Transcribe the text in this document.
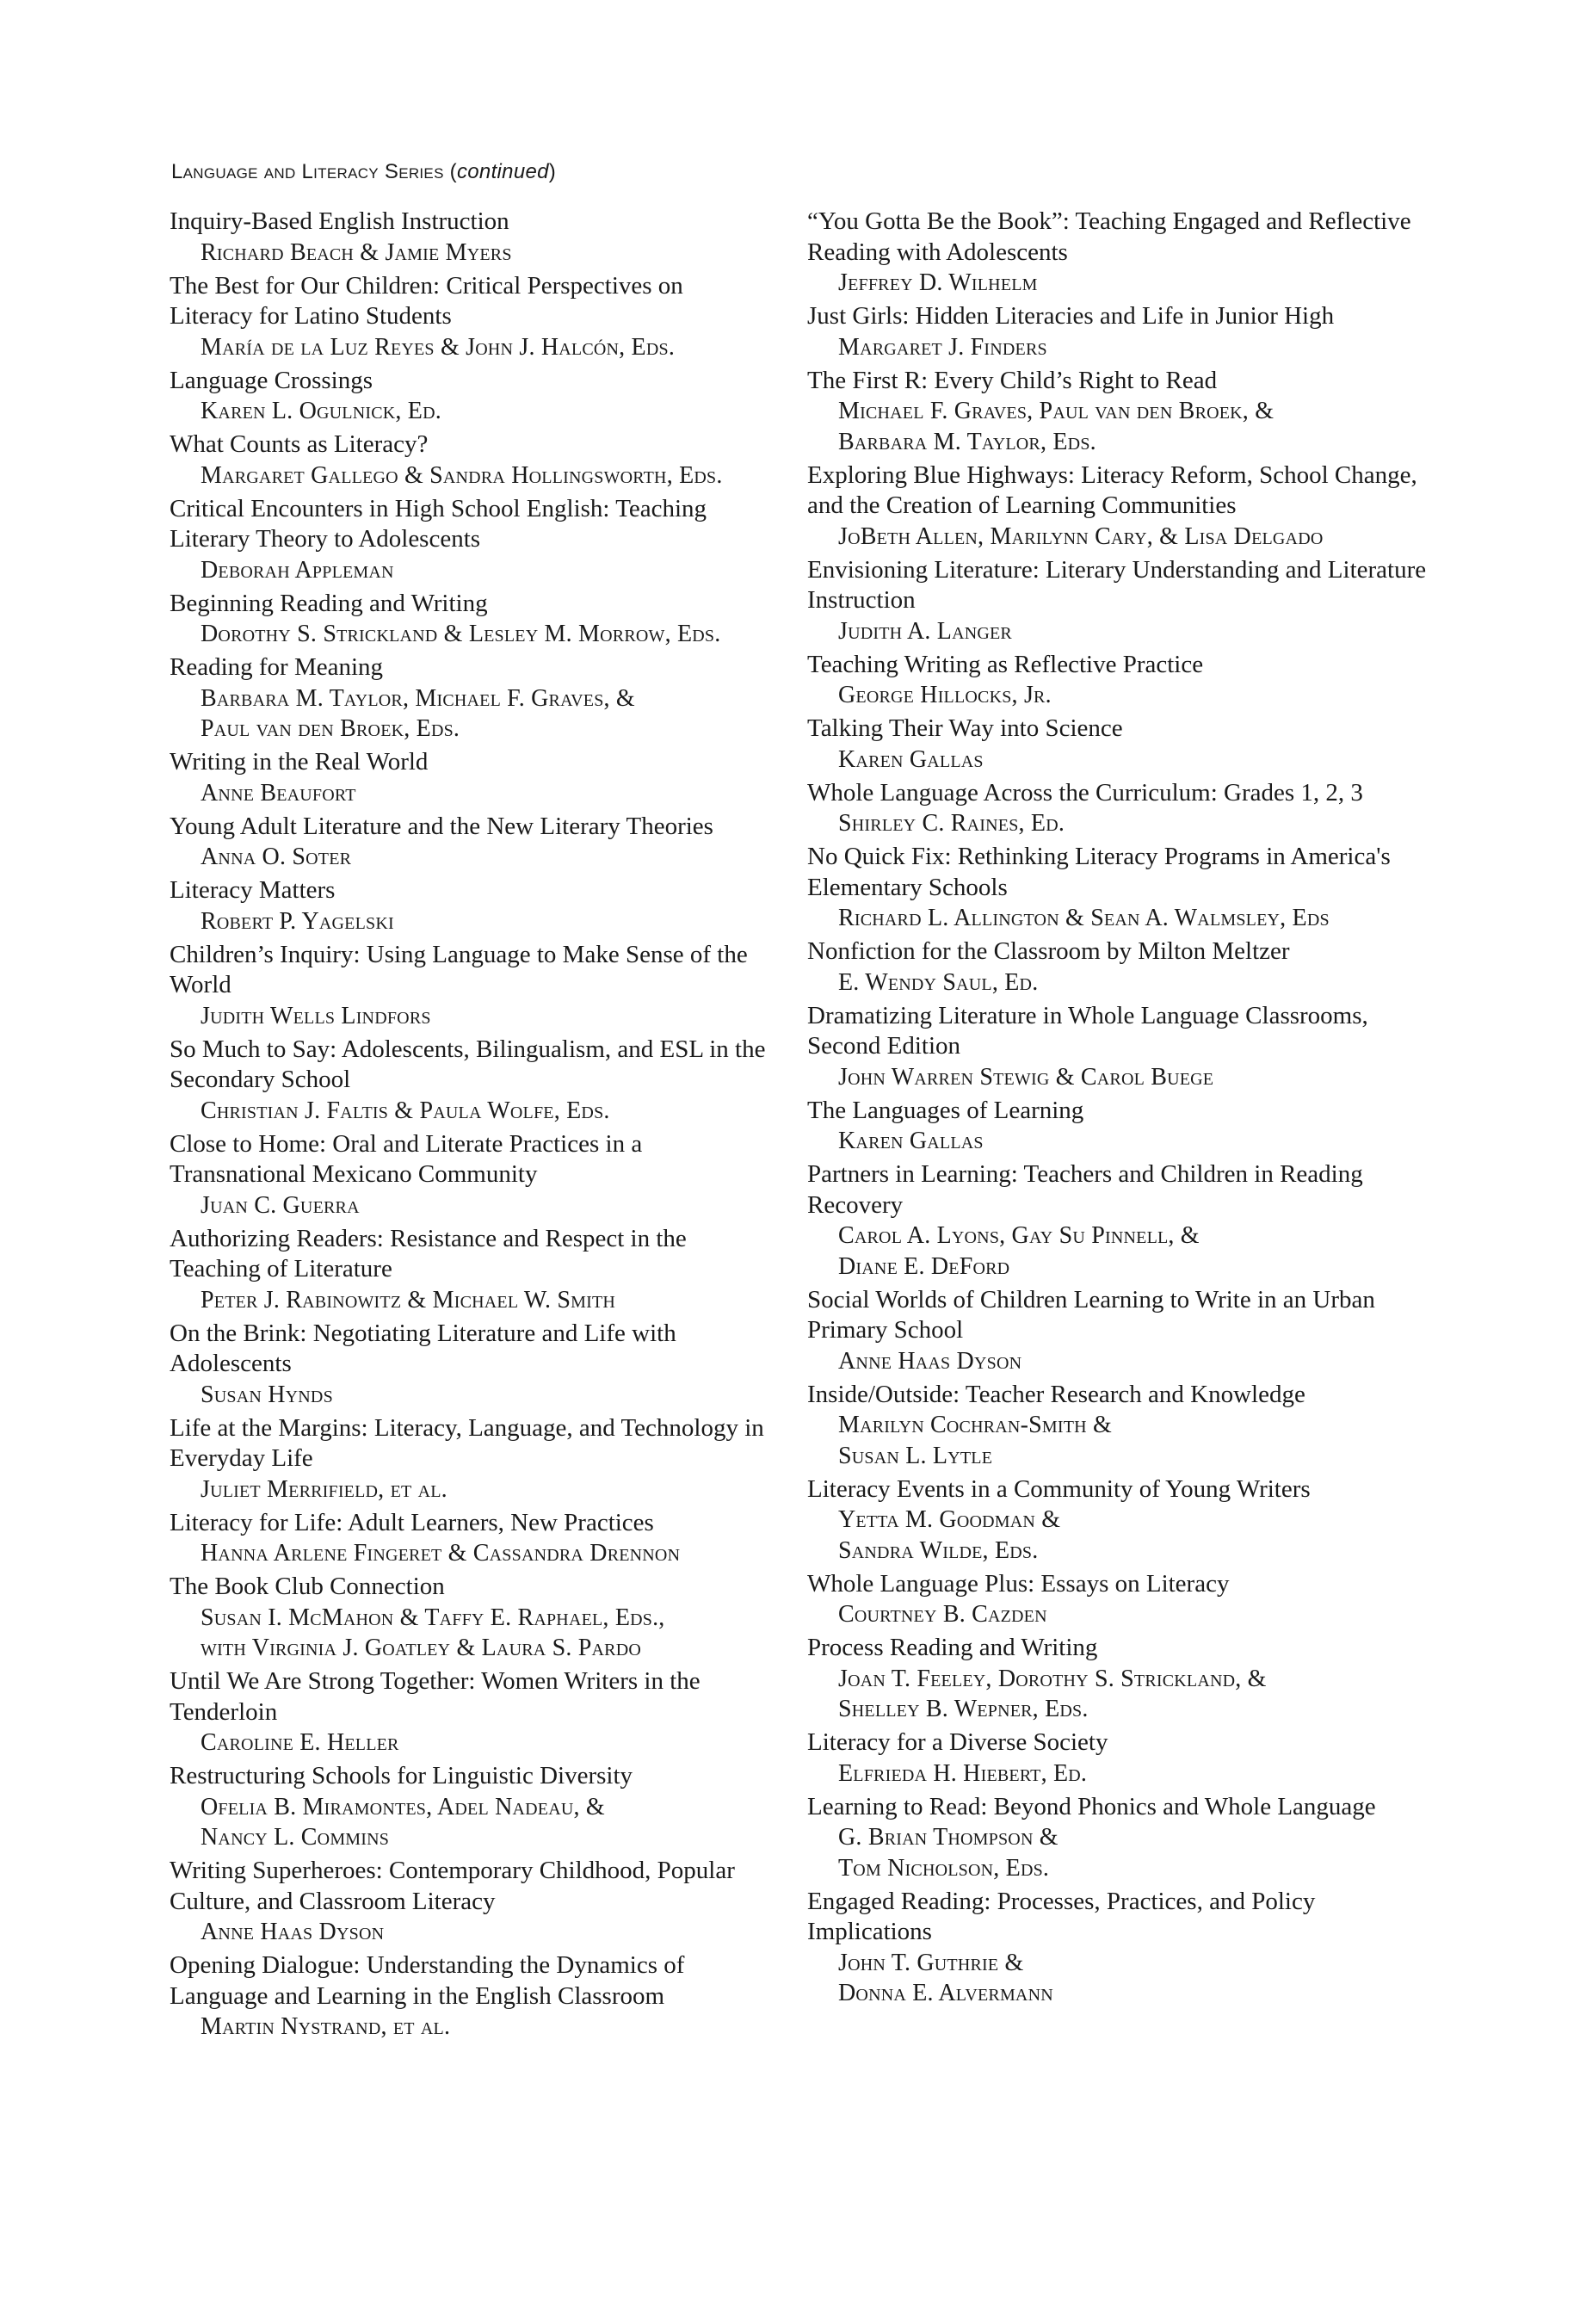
Language and Literacy Series (continued)
Inquiry-Based English Instruction
Richard Beach & Jamie Myers
The Best for Our Children: Critical Perspectives on Literacy for Latino Students
María de la Luz Reyes & John J. Halcón, Eds.
Language Crossings
Karen L. Ogulnick, Ed.
What Counts as Literacy?
Margaret Gallego & Sandra Hollingsworth, Eds.
Critical Encounters in High School English: Teaching Literary Theory to Adolescents
Deborah Appleman
Beginning Reading and Writing
Dorothy S. Strickland & Lesley M. Morrow, Eds.
Reading for Meaning
Barbara M. Taylor, Michael F. Graves, &
Paul van den Broek, Eds.
Writing in the Real World
Anne Beaufort
Young Adult Literature and the New Literary Theories
Anna O. Soter
Literacy Matters
Robert P. Yagelski
Children’s Inquiry: Using Language to Make Sense of the World
Judith Wells Lindfors
So Much to Say: Adolescents, Bilingualism, and ESL in the Secondary School
Christian J. Faltis & Paula Wolfe, Eds.
Close to Home: Oral and Literate Practices in a Transnational Mexicano Community
Juan C. Guerra
Authorizing Readers: Resistance and Respect in the Teaching of Literature
Peter J. Rabinowitz & Michael W. Smith
On the Brink: Negotiating Literature and Life with Adolescents
Susan Hynds
Life at the Margins: Literacy, Language, and Technology in Everyday Life
Juliet Merrifield, et al.
Literacy for Life: Adult Learners, New Practices
Hanna Arlene Fingeret & Cassandra Drennon
The Book Club Connection
Susan I. McMahon & Taffy E. Raphael, Eds.,
with Virginia J. Goatley & Laura S. Pardo
Until We Are Strong Together: Women Writers in the Tenderloin
Caroline E. Heller
Restructuring Schools for Linguistic Diversity
Ofelia B. Miramontes, Adel Nadeau, &
Nancy L. Commins
Writing Superheroes: Contemporary Childhood, Popular Culture, and Classroom Literacy
Anne Haas Dyson
Opening Dialogue: Understanding the Dynamics of Language and Learning in the English Classroom
Martin Nystrand, et al.
“You Gotta Be the Book”: Teaching Engaged and Reflective Reading with Adolescents
Jeffrey D. Wilhelm
Just Girls: Hidden Literacies and Life in Junior High
Margaret J. Finders
The First R: Every Child’s Right to Read
Michael F. Graves, Paul van den Broek, &
Barbara M. Taylor, Eds.
Exploring Blue Highways: Literacy Reform, School Change, and the Creation of Learning Communities
JoBeth Allen, Marilynn Cary, & Lisa Delgado
Envisioning Literature: Literary Understanding and Literature Instruction
Judith A. Langer
Teaching Writing as Reflective Practice
George Hillocks, Jr.
Talking Their Way into Science
Karen Gallas
Whole Language Across the Curriculum: Grades 1, 2, 3
Shirley C. Raines, Ed.
No Quick Fix: Rethinking Literacy Programs in America's Elementary Schools
Richard L. Allington & Sean A. Walmsley, Eds
Nonfiction for the Classroom by Milton Meltzer
E. Wendy Saul, Ed.
Dramatizing Literature in Whole Language Classrooms, Second Edition
John Warren Stewig & Carol Buege
The Languages of Learning
Karen Gallas
Partners in Learning: Teachers and Children in Reading Recovery
Carol A. Lyons, Gay Su Pinnell, &
Diane E. DeFord
Social Worlds of Children Learning to Write in an Urban Primary School
Anne Haas Dyson
Inside/Outside: Teacher Research and Knowledge
Marilyn Cochran-Smith &
Susan L. Lytle
Literacy Events in a Community of Young Writers
Yetta M. Goodman &
Sandra Wilde, Eds.
Whole Language Plus: Essays on Literacy
Courtney B. Cazden
Process Reading and Writing
Joan T. Feeley, Dorothy S. Strickland, &
Shelley B. Wepner, Eds.
Literacy for a Diverse Society
Elfrieda H. Hiebert, Ed.
Learning to Read: Beyond Phonics and Whole Language
G. Brian Thompson &
Tom Nicholson, Eds.
Engaged Reading: Processes, Practices, and Policy Implications
John T. Guthrie &
Donna E. Alvermann
